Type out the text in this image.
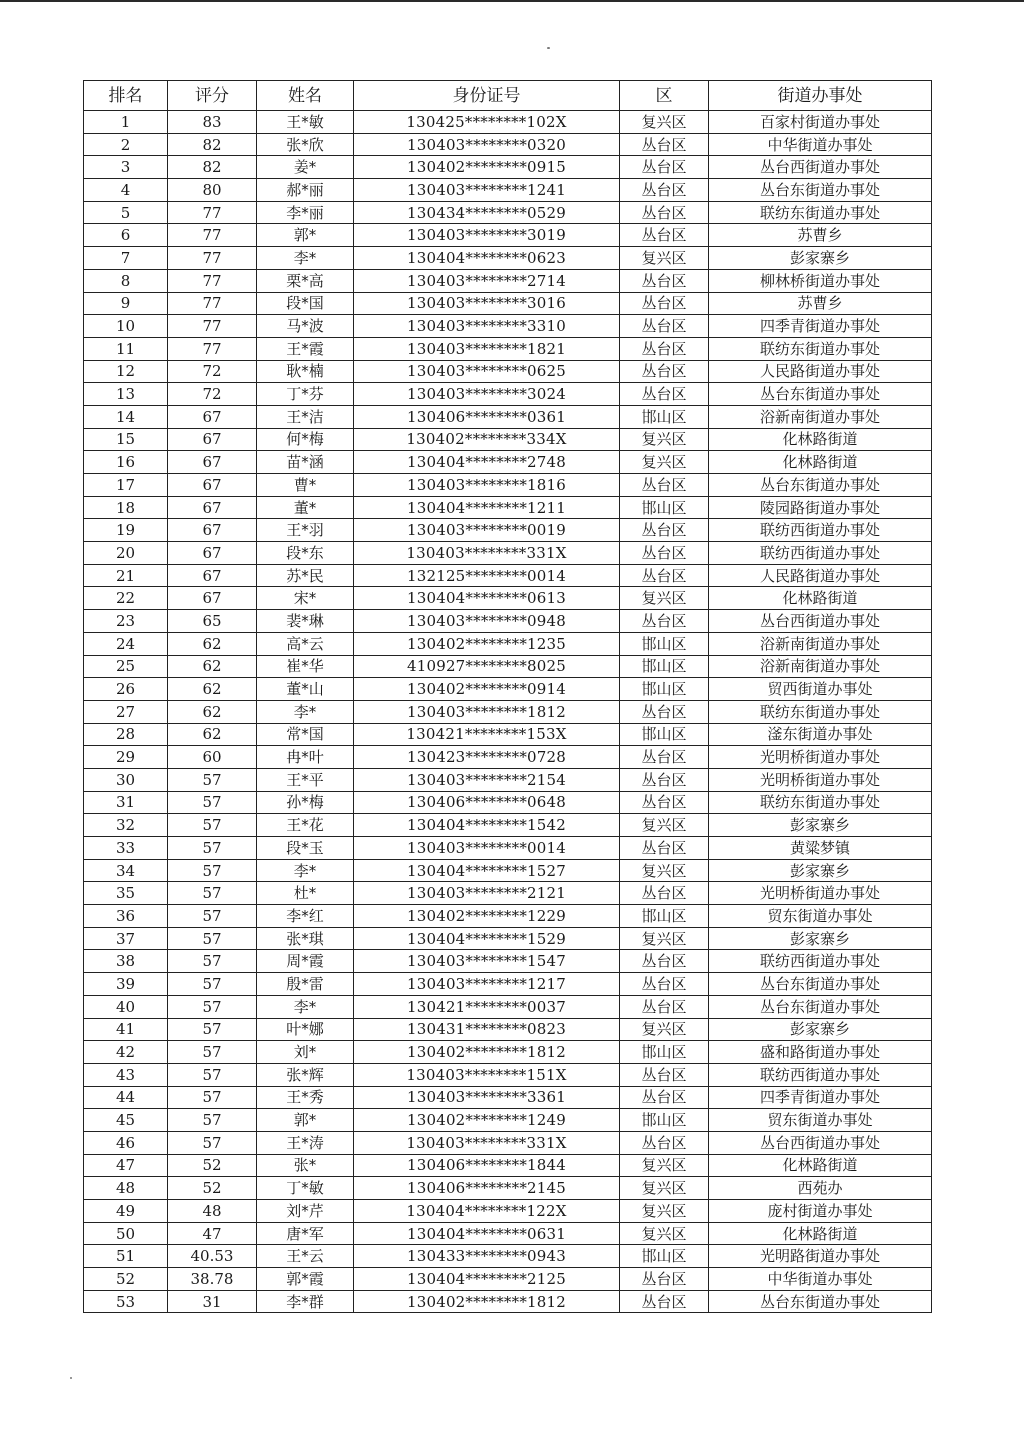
排名	评分	姓名	身份证号	区	街道办事处
1	83	王*敏	130425********102X	复兴区	百家村街道办事处
2	82	张*欣	130403********0320	丛台区	中华街道办事处
3	82	姜*	130402********0915	丛台区	丛台西街道办事处
4	80	郝*丽	130403********1241	丛台区	丛台东街道办事处
5	77	李*丽	130434********0529	丛台区	联纺东街道办事处
6	77	郭*	130403********3019	丛台区	苏曹乡
7	77	李*	130404********0623	复兴区	彭家寨乡
8	77	栗*高	130403********2714	丛台区	柳林桥街道办事处
9	77	段*国	130403********3016	丛台区	苏曹乡
10	77	马*波	130403********3310	丛台区	四季青街道办事处
11	77	王*霞	130403********1821	丛台区	联纺东街道办事处
12	72	耿*楠	130403********0625	丛台区	人民路街道办事处
13	72	丁*芬	130403********3024	丛台区	丛台东街道办事处
14	67	王*洁	130406********0361	邯山区	浴新南街道办事处
15	67	何*梅	130402********334X	复兴区	化林路街道
16	67	苗*涵	130404********2748	复兴区	化林路街道
17	67	曹*	130403********1816	丛台区	丛台东街道办事处
18	67	董*	130404********1211	邯山区	陵园路街道办事处
19	67	王*羽	130403********0019	丛台区	联纺西街道办事处
20	67	段*东	130403********331X	丛台区	联纺西街道办事处
21	67	苏*民	132125********0014	丛台区	人民路街道办事处
22	67	宋*	130404********0613	复兴区	化林路街道
23	65	裴*琳	130403********0948	丛台区	丛台西街道办事处
24	62	高*云	130402********1235	邯山区	浴新南街道办事处
25	62	崔*华	410927********8025	邯山区	浴新南街道办事处
26	62	董*山	130402********0914	邯山区	贸西街道办事处
27	62	李*	130403********1812	丛台区	联纺东街道办事处
28	62	常*国	130421********153X	邯山区	滏东街道办事处
29	60	冉*叶	130423********0728	丛台区	光明桥街道办事处
30	57	王*平	130403********2154	丛台区	光明桥街道办事处
31	57	孙*梅	130406********0648	丛台区	联纺东街道办事处
32	57	王*花	130404********1542	复兴区	彭家寨乡
33	57	段*玉	130403********0014	丛台区	黄粱梦镇
34	57	李*	130404********1527	复兴区	彭家寨乡
35	57	杜*	130403********2121	丛台区	光明桥街道办事处
36	57	李*红	130402********1229	邯山区	贸东街道办事处
37	57	张*琪	130404********1529	复兴区	彭家寨乡
38	57	周*霞	130403********1547	丛台区	联纺西街道办事处
39	57	殷*雷	130403********1217	丛台区	丛台东街道办事处
40	57	李*	130421********0037	丛台区	丛台东街道办事处
41	57	叶*娜	130431********0823	复兴区	彭家寨乡
42	57	刘*	130402********1812	邯山区	盛和路街道办事处
43	57	张*辉	130403********151X	丛台区	联纺西街道办事处
44	57	王*秀	130403********3361	丛台区	四季青街道办事处
45	57	郭*	130402********1249	邯山区	贸东街道办事处
46	57	王*涛	130403********331X	丛台区	丛台西街道办事处
47	52	张*	130406********1844	复兴区	化林路街道
48	52	丁*敏	130406********2145	复兴区	西苑办
49	48	刘*芹	130404********122X	复兴区	庞村街道办事处
50	47	唐*军	130404********0631	复兴区	化林路街道
51	40.53	王*云	130433********0943	邯山区	光明路街道办事处
52	38.78	郭*霞	130404********2125	丛台区	中华街道办事处
53	31	李*群	130402********1812	丛台区	丛台东街道办事处
